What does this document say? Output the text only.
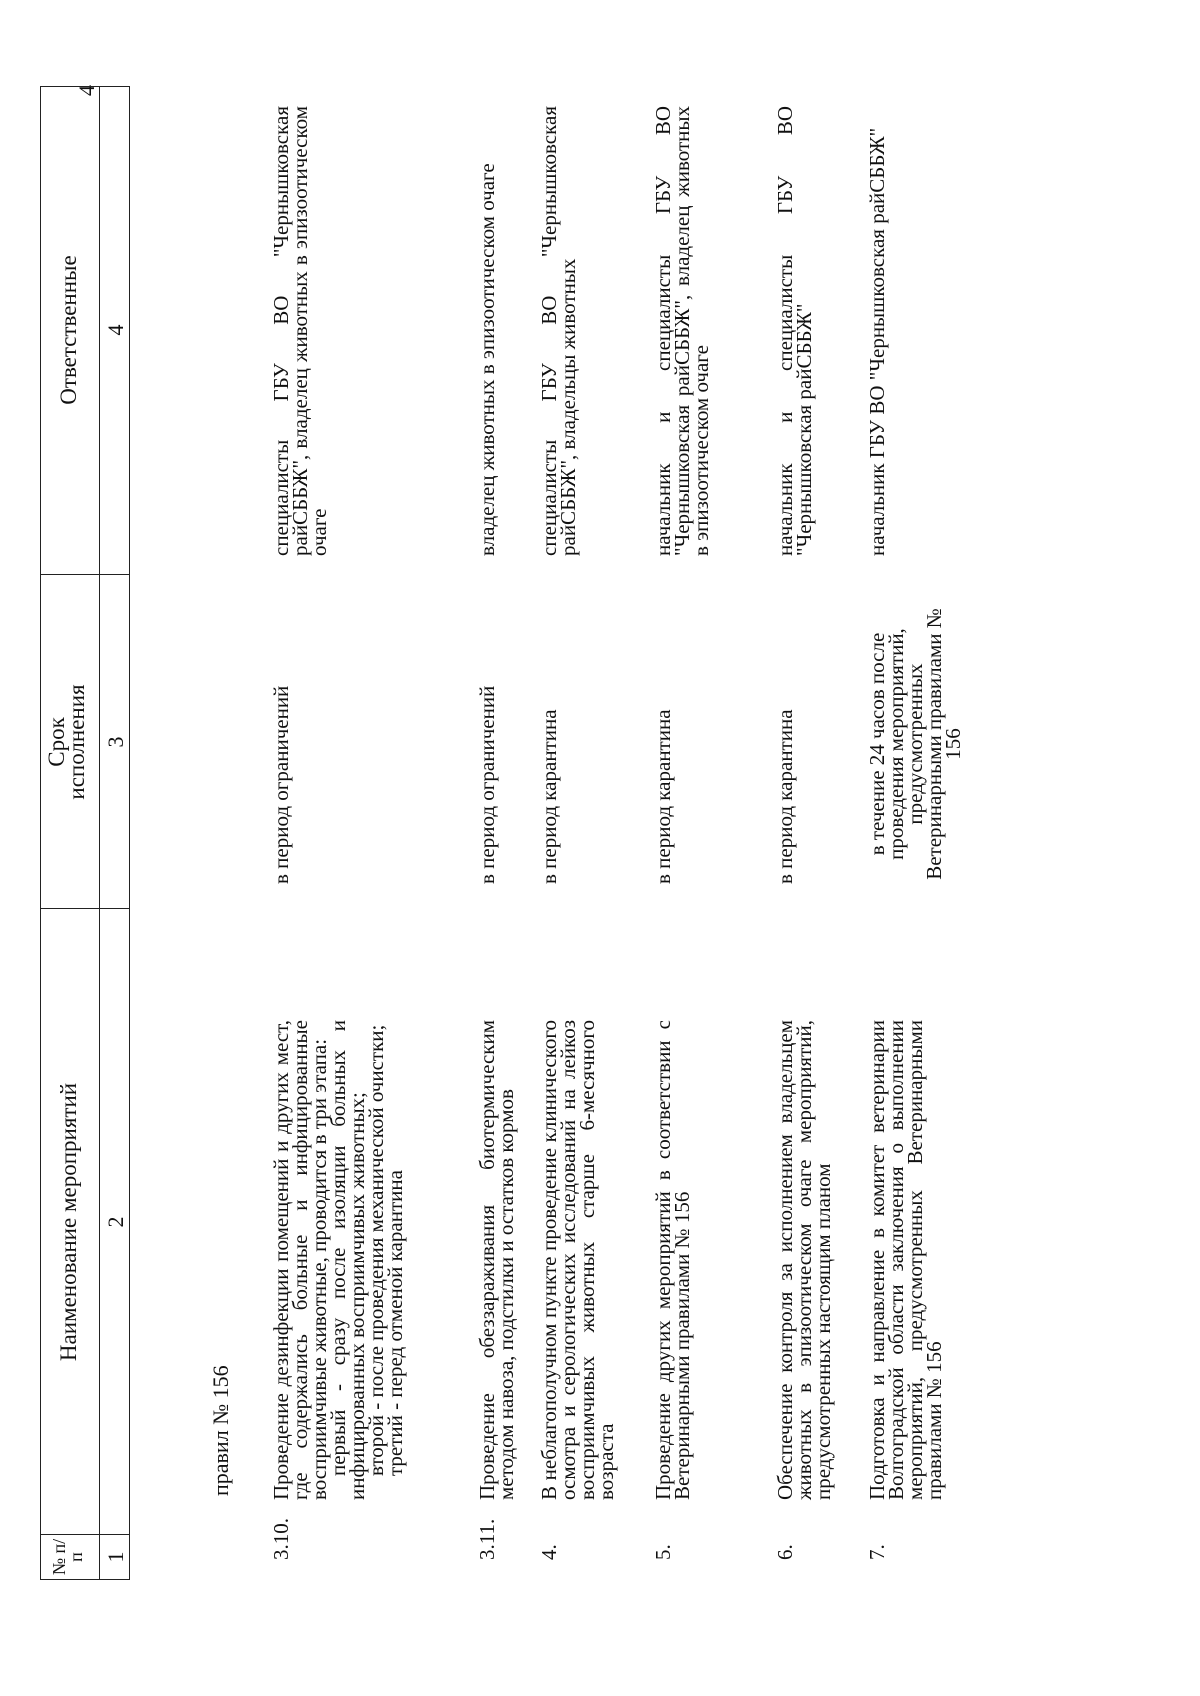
4
№ п/п
Наименование мероприятий
Срок
исполнения
Ответственные
1
2
3
4
правил № 156
3.10.

Проведение дезинфекции помещений и других мест, где содержались больные и инфицированные восприимчивые животные, проводится в три этапа:

первый - сразу после изоляции больных и инфицированных восприимчивых животных;

второй - после проведения механической очистки;

третий - перед отменой карантина

в период ограничений
специалисты ГБУ ВО "Чернышковская райСББЖ", владелец животных в эпизоотическом очаге
3.11.

Проведение обеззараживания биотермическим методом навоза, подстилки и остатков кормов

в период ограничений
владелец животных в эпизоотическом очаге
4.

В неблагополучном пункте проведение клинического осмотра и серологических исследований на лейкоз восприимчивых животных старше 6-месячного возраста

в период карантина
специалисты ГБУ ВО "Чернышковская райСББЖ", владельцы животных
5.

Проведение других мероприятий в соответствии с Ветеринарными правилами № 156

в период карантина
начальник и специалисты ГБУ ВО "Чернышковская райСББЖ", владелец животных в эпизоотическом очаге
6.

Обеспечение контроля за исполнением владельцем животных в эпизоотическом очаге мероприятий, предусмотренных настоящим планом

в период карантина
начальник и специалисты ГБУ ВО "Чернышковская райСББЖ"
7.

Подготовка и направление в комитет ветеринарии Волгоградской области заключения о выполнении мероприятий, предусмотренных Ветеринарными правилами № 156

в течение 24 часов после проведения мероприятий, предусмотренных Ветеринарными правилами № 156
начальник ГБУ ВО "Чернышковская райСББЖ"
